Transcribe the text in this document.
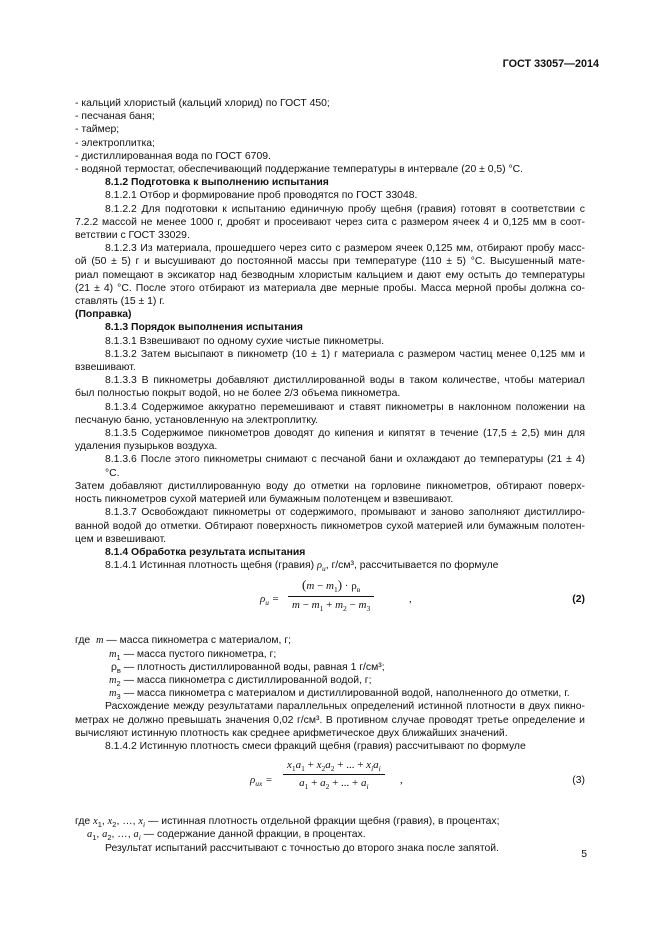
ГОСТ 33057—2014
- кальций хлористый (кальций хлорид) по ГОСТ 450;
- песчаная баня;
- таймер;
- электроплитка;
- дистиллированная вода по ГОСТ 6709.
- водяной термостат, обеспечивающий поддержание температуры в интервале (20 ± 0,5) °С.
8.1.2 Подготовка к выполнению испытания
8.1.2.1 Отбор и формирование проб проводятся по ГОСТ 33048.
8.1.2.2 Для подготовки к испытанию единичную пробу щебня (гравия) готовят в соответствии с
7.2.2 массой не менее 1000 г, дробят и просеивают через сита с размером ячеек 4 и 0,125 мм в соот-
ветствии с ГОСТ 33029.
8.1.2.3 Из материала, прошедшего через сито с размером ячеек 0,125 мм, отбирают пробу масс-
ой (50 ± 5) г и высушивают до постоянной массы при температуре (110 ± 5) °С. Высушенный мате-
риал помещают в эксикатор над безводным хлористым кальцием и дают ему остыть до температуры
(21 ± 4) °С. После этого отбирают из материала две мерные пробы. Масса мерной пробы должна со-
ставлять (15 ± 1) г.
(Поправка)
8.1.3 Порядок выполнения испытания
8.1.3.1 Взвешивают по одному сухие чистые пикнометры.
8.1.3.2 Затем высыпают в пикнометр (10 ± 1) г материала с размером частиц менее 0,125 мм и
взвешивают.
8.1.3.3 В пикнометры добавляют дистиллированной воды в таком количестве, чтобы материал
был полностью покрыт водой, но не более 2/3 объема пикнометра.
8.1.3.4 Содержимое аккуратно перемешивают и ставят пикнометры в наклонном положении на
песчаную баню, установленную на электроплитку.
8.1.3.5 Содержимое пикнометров доводят до кипения и кипятят в течение (17,5 ± 2,5) мин для
удаления пузырьков воздуха.
8.1.3.6 После этого пикнометры снимают с песчаной бани и охлаждают до температуры (21 ± 4) °С.
Затем добавляют дистиллированную воду до отметки на горловине пикнометров, обтирают поверх-
ность пикнометров сухой материей или бумажным полотенцем и взвешивают.
8.1.3.7 Освобождают пикнометры от содержимого, промывают и заново заполняют дистиллиро-
ванной водой до отметки. Обтирают поверхность пикнометров сухой материей или бумажным полотен-
цем и взвешивают.
8.1.4 Обработка результата испытания
8.1.4.1 Истинная плотность щебня (гравия) $\rho_и$, г/см³, рассчитывается по формуле
$\rho_и$ =
$(m - m_1) \cdot \rho_в$
$m - m_1 + m_2 - m_3$
,	(2)
где  m — масса пикнометра с материалом, г;
$m_1$ — масса пустого пикнометра, г;
$\rho_в$ — плотность дистиллированной воды, равная 1 г/см³;
$m_2$ — масса пикнометра с дистиллированной водой, г;
$m_3$ — масса пикнометра с материалом и дистиллированной водой, наполненного до отметки, г.
Расхождение между результатами параллельных определений истинной плотности в двух пикно-
метрах не должно превышать значения 0,02 г/см³. В противном случае проводят третье определение и
вычисляют истинную плотность как среднее арифметическое двух ближайших значений.
8.1.4.2 Истинную плотность смеси фракций щебня (гравия) рассчитывают по формуле
$\rho_{их}$ =
$x_1a_1 + x_2a_2$ + ... + $x_ia_i$
$a_1 + a_2$ + ... + $a_i$
,	(3)
где $x_1$, $x_2$, …, $x_i$ — истинная плотность отдельной фракции щебня (гравия), в процентах;
$a_1$, $a_2$, …, $a_i$ — содержание данной фракции, в процентах.
Результат испытаний рассчитывают с точностью до второго знака после запятой.
5
